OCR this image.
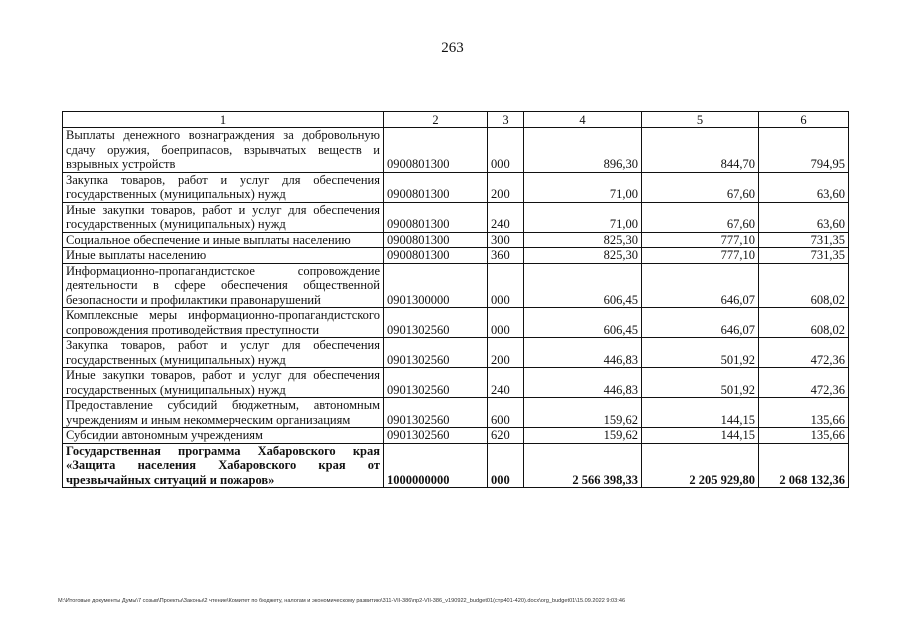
263
1	2	3	4	5	6
Выплаты денежного вознаграждения за добровольную сдачу оружия, боеприпасов, взрывчатых веществ и взрывных устройств	0900801300	000	896,30	844,70	794,95
Закупка товаров, работ и услуг для обеспечения государственных (муниципальных) нужд	0900801300	200	71,00	67,60	63,60
Иные закупки товаров, работ и услуг для обеспечения государственных (муниципальных) нужд	0900801300	240	71,00	67,60	63,60
Социальное обеспечение и иные выплаты населению	0900801300	300	825,30	777,10	731,35
Иные выплаты населению	0900801300	360	825,30	777,10	731,35
Информационно-пропагандистское сопровождение деятельности в сфере обеспечения общественной безопасности и профилактики правонарушений	0901300000	000	606,45	646,07	608,02
Комплексные меры информационно-пропагандистского сопровождения противодействия преступности	0901302560	000	606,45	646,07	608,02
Закупка товаров, работ и услуг для обеспечения государственных (муниципальных) нужд	0901302560	200	446,83	501,92	472,36
Иные закупки товаров, работ и услуг для обеспечения государственных (муниципальных) нужд	0901302560	240	446,83	501,92	472,36
Предоставление субсидий бюджетным, автономным учреждениям и иным некоммерческим организациям	0901302560	600	159,62	144,15	135,66
Субсидии автономным учреждениям	0901302560	620	159,62	144,15	135,66
Государственная программа Хабаровского края «Защита населения Хабаровского края от чрезвычайных ситуаций и пожаров»	1000000000	000	2 566 398,33	2 205 929,80	2 068 132,36
M:\Итоговые документы Думы\7 созыв\Проекты\Законы\2 чтение\Комитет по бюджету, налогам и экономическому развитию\311-VII-386\пр2-VII-386_v190922_budget01(стр401-420).docx\org_budget01\15.09.2022 9:03:46
